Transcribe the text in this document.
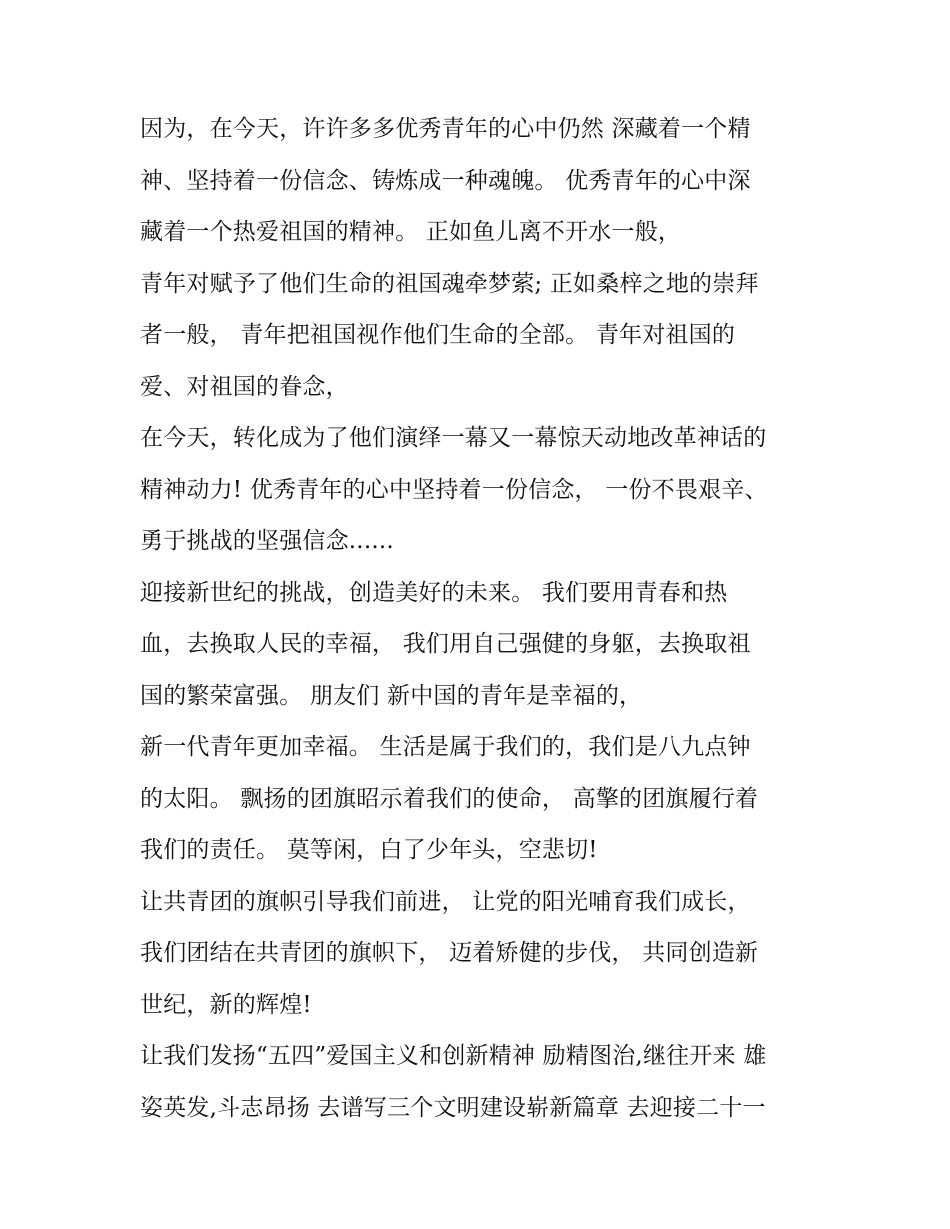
因为，在今天，许许多多优秀青年的心中仍然 深藏着一个精
神、坚持着一份信念、铸炼成一种魂魄。 优秀青年的心中深
藏着一个热爱祖国的精神。 正如鱼儿离不开水一般，
青年对赋予了他们生命的祖国魂牵梦萦; 正如桑梓之地的崇拜
者一般， 青年把祖国视作他们生命的全部。 青年对祖国的
爱、对祖国的眷念，
在今天，转化成为了他们演绎一幕又一幕惊天动地改革神话的
精神动力! 优秀青年的心中坚持着一份信念， 一份不畏艰辛、
勇于挑战的坚强信念......
迎接新世纪的挑战，创造美好的未来。 我们要用青春和热
血，去换取人民的幸福， 我们用自己强健的身躯，去换取祖
国的繁荣富强。 朋友们 新中国的青年是幸福的，
新一代青年更加幸福。 生活是属于我们的，我们是八九点钟
的太阳。 飘扬的团旗昭示着我们的使命， 高擎的团旗履行着
我们的责任。 莫等闲，白了少年头，空悲切!
让共青团的旗帜引导我们前进， 让党的阳光哺育我们成长，
我们团结在共青团的旗帜下， 迈着矫健的步伐， 共同创造新
世纪，新的辉煌!
让我们发扬“五四”爱国主义和创新精神 励精图治,继往开来 雄
姿英发,斗志昂扬 去谱写三个文明建设崭新篇章 去迎接二十一
